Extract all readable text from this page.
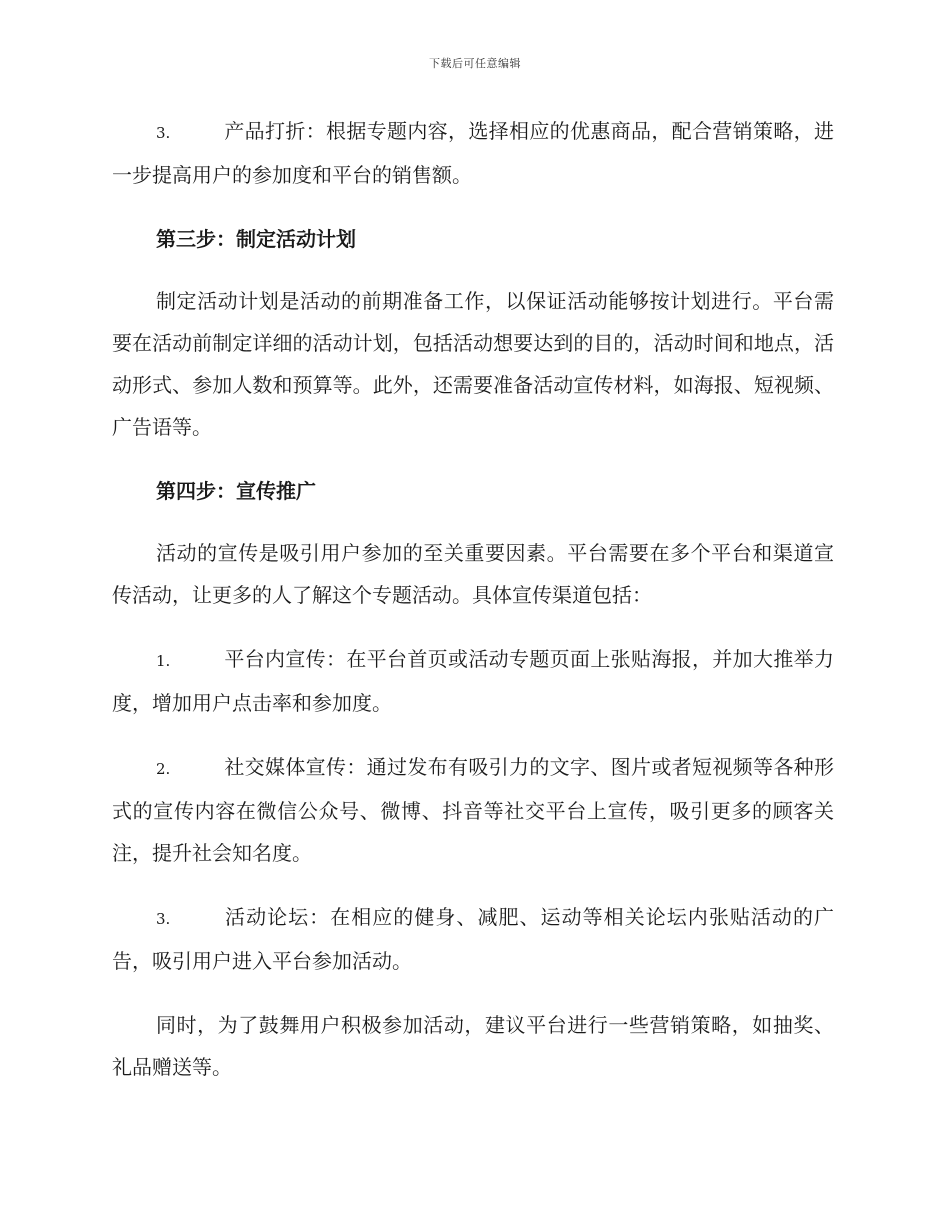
下载后可任意编辑

3.	产品打折：根据专题内容，选择相应的优惠商品，配合营销策略，进一步提高用户的参加度和平台的销售额。

第三步：制定活动计划

制定活动计划是活动的前期准备工作，以保证活动能够按计划进行。平台需要在活动前制定详细的活动计划，包括活动想要达到的目的，活动时间和地点，活动形式、参加人数和预算等。此外，还需要准备活动宣传材料，如海报、短视频、广告语等。

第四步：宣传推广

活动的宣传是吸引用户参加的至关重要因素。平台需要在多个平台和渠道宣传活动，让更多的人了解这个专题活动。具体宣传渠道包括：

1.	平台内宣传：在平台首页或活动专题页面上张贴海报，并加大推举力度，增加用户点击率和参加度。

2.	社交媒体宣传：通过发布有吸引力的文字、图片或者短视频等各种形式的宣传内容在微信公众号、微博、抖音等社交平台上宣传，吸引更多的顾客关注，提升社会知名度。

3.	活动论坛：在相应的健身、减肥、运动等相关论坛内张贴活动的广告，吸引用户进入平台参加活动。

同时，为了鼓舞用户积极参加活动，建议平台进行一些营销策略，如抽奖、礼品赠送等。
